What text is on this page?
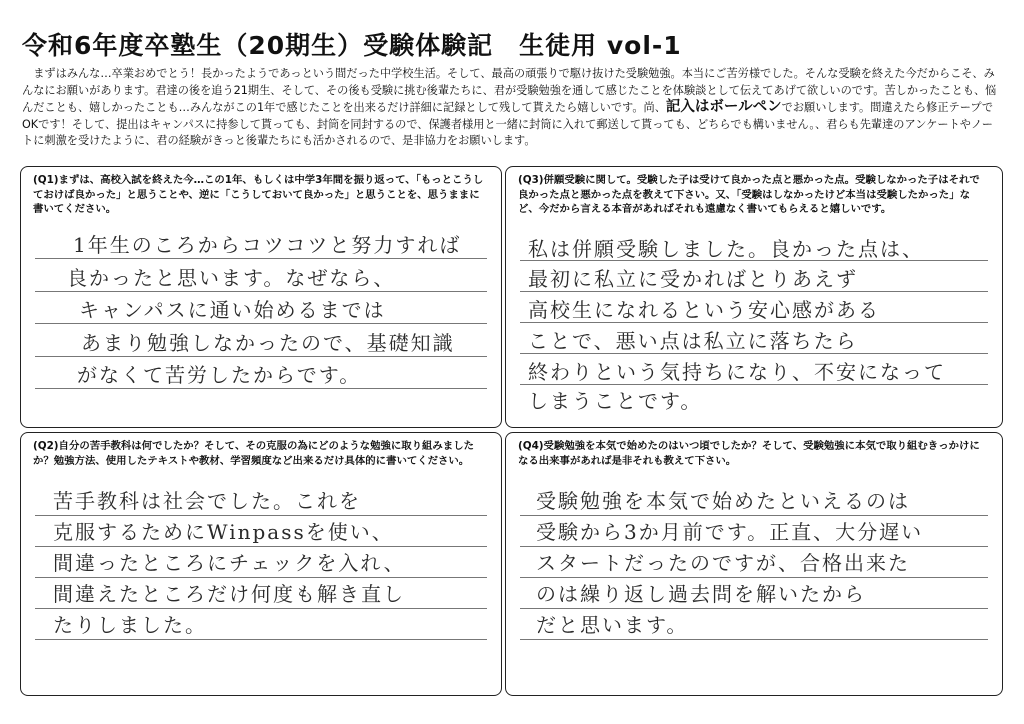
令和6年度卒塾生（20期生）受験体験記　生徒用 vol-1

まずはみんな…卒業おめでとう！長かったようであっという間だった中学校生活。そして、最高の頑張りで駆け抜けた受験勉強。本当にご苦労様でした。そんな受験を終えた今だからこそ、みんなにお願いがあります。君達の後を追う21期生、そして、その後も受験に挑む後輩たちに、君が受験勉強を通して感じたことを体験談として伝えてあげて欲しいのです。苦しかったことも、悩んだことも、嬉しかったことも…みんながこの1年で感じたことを出来るだけ詳細に記録として残して貰えたら嬉しいです。尚、記入はボールペンでお願いします。間違えたら修正テープでOKです！そして、提出はキャンパスに持参して貰っても、封筒を同封するので、保護者様用と一緒に封筒に入れて郵送して貰っても、どちらでも構いません。、君らも先輩達のアンケートやノートに刺激を受けたように、君の経験がきっと後輩たちにも活かされるので、是非協力をお願いします。

(Q1)まずは、高校入試を終えた今…この1年、もしくは中学3年間を振り返って、「もっとこうしておけば良かった」と思うことや、逆に「こうしておいて良かった」と思うことを、思うままに書いてください。
1年生のころからコツコツと努力すれば
良かったと思います。なぜなら、
キャンパスに通い始めるまでは
あまり勉強しなかったので、基礎知識
がなくて苦労したからです。
(Q3)併願受験に関して。受験した子は受けて良かった点と悪かった点。受験しなかった子はそれで良かった点と悪かった点を教えて下さい。又、「受験はしなかったけど本当は受験したかった」など、今だから言える本音があればそれも遠慮なく書いてもらえると嬉しいです。
私は併願受験しました。良かった点は、
最初に私立に受かればとりあえず
高校生になれるという安心感がある
ことで、悪い点は私立に落ちたら
終わりという気持ちになり、不安になって
しまうことです。
(Q2)自分の苦手教科は何でしたか？そして、その克服の為にどのような勉強に取り組みましたか？勉強方法、使用したテキストや教材、学習頻度など出来るだけ具体的に書いてください。
苦手教科は社会でした。これを
克服するためにWinpassを使い、
間違ったところにチェックを入れ、
間違えたところだけ何度も解き直し
たりしました。
(Q4)受験勉強を本気で始めたのはいつ頃でしたか？そして、受験勉強に本気で取り組むきっかけになる出来事があれば是非それも教えて下さい。
受験勉強を本気で始めたといえるのは
受験から3か月前です。正直、大分遅い
スタートだったのですが、合格出来た
のは繰り返し過去問を解いたから
だと思います。
